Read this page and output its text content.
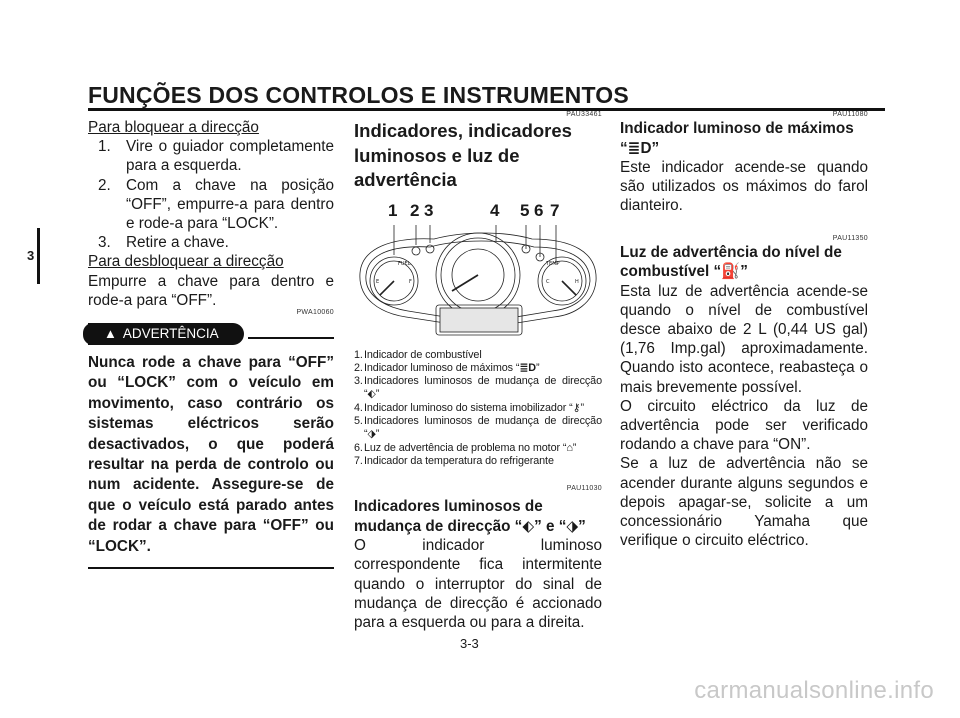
FUNÇÕES DOS CONTROLOS E INSTRUMENTOS
3
Para bloquear a direcção
1. Vire o guiador completamente para a esquerda.
2. Com a chave na posição “OFF”, empurre-a para dentro e rode-a para “LOCK”.
3. Retire a chave.
Para desbloquear a direcção
Empurre a chave para dentro e rode-a para “OFF”.
PWA10060
▲ ADVERTÊNCIA
Nunca rode a chave para “OFF” ou “LOCK” com o veículo em movimento, caso contrário os sistemas eléctricos serão desactivados, o que poderá resultar na perda de controlo ou num acidente. Assegure-se de que o veículo está parado antes de rodar a chave para “OFF” ou “LOCK”.
PAU33461
Indicadores, indicadores luminosos e luz de advertência
1 2 3	4 5 6 7
FUEL
E	F
TEMP
C	H
1. Indicador de combustível
2. Indicador luminoso de máximos “≣D”
3. Indicadores luminosos de mudança de direcção “⬖”
4. Indicador luminoso do sistema imobilizador “⚷”
5. Indicadores luminosos de mudança de direcção “⬗”
6. Luz de advertência de problema no motor “⌂”
7. Indicador da temperatura do refrigerante
PAU11030
Indicadores luminosos de mudança de direcção “⬖” e “⬗”
O indicador luminoso correspondente fica intermitente quando o interruptor do sinal de mudança de direcção é accionado para a esquerda ou para a direita.
PAU11080
Indicador luminoso de máximos “≣D”
Este indicador acende-se quando são utilizados os máximos do farol dianteiro.
PAU11350
Luz de advertência do nível de combustível “⛽”
Esta luz de advertência acende-se quando o nível de combustível desce abaixo de 2 L (0,44 US gal) (1,76 Imp.gal) aproximadamente. Quando isto acontece, reabasteça o mais brevemente possível.
O circuito eléctrico da luz de advertência pode ser verificado rodando a chave para “ON”.
Se a luz de advertência não se acender durante alguns segundos e depois apagar-se, solicite a um concessionário Yamaha que verifique o circuito eléctrico.
3-3
carmanualsonline.info
